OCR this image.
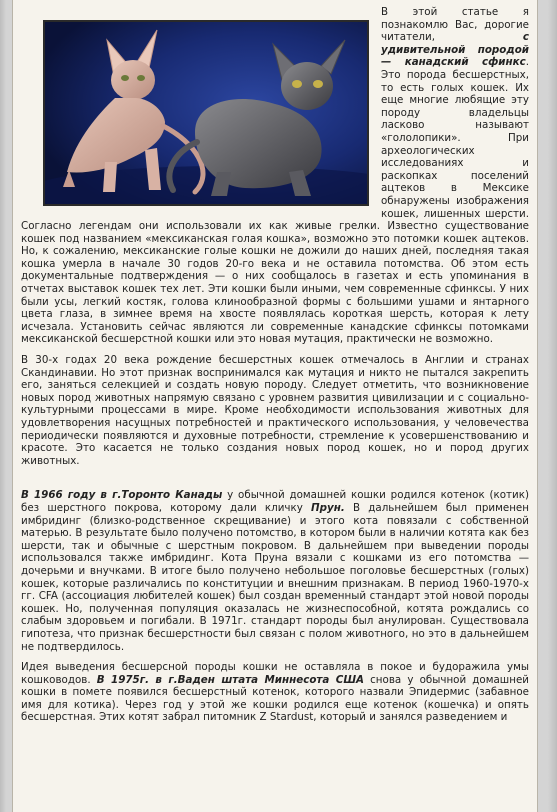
В этой статье я познакомлю Вас, дорогие читатели, с удивительной породой — канадский сфинкс. Это порода бесшерстных, то есть голых кошек. Их еще многие любящие эту породу владельцы ласково называют «гололопики». При археологических исследованиях и раскопках поселений ацтеков в Мексике обнаружены изображения кошек, лишенных шерсти. Согласно легендам они использовали их как живые грелки. Известно существование кошек под названием «мексиканская голая кошка», возможно это потомки кошек ацтеков. Но, к сожалению, мексиканские голые кошки не дожили до наших дней, последняя такая кошка умерла в начале 30 годов 20-го века и не оставила потомства. Об этом есть документальные подтверждения — о них сообщалось в газетах и есть упоминания в отчетах выставок кошек тех лет. Эти кошки были иными, чем современные сфинксы. У них были усы, легкий костяк, голова клинообразной формы с большими ушами и янтарного цвета глаза, в зимнее время на хвосте появлялась короткая шерсть, которая к лету исчезала. Установить сейчас являются ли современные канадские сфинксы потомками мексиканской бесшерстной кошки или это новая мутация, практически не возможно.

В 30-х годах 20 века рождение бесшерстных кошек отмечалось в Англии и странах Скандинавии. Но этот признак воспринимался как мутация и никто не пытался закрепить его, заняться селекцией и создать новую породу. Следует отметить, что возникновение новых пород животных напрямую связано с уровнем развития цивилизации и с социально-культурными процессами в мире. Кроме необходимости использования животных для удовлетворения насущных потребностей и практического использования, у человечества периодически появляются и духовные потребности, стремление к усовершенствованию и красоте. Это касается не только создания новых пород кошек, но и пород других животных.

В 1966 году в г.Торонто Канады у обычной домашней кошки родился котенок (котик) без шерстного покрова, которому дали кличку Прун. В дальнейшем был применен имбридинг (близко-родственное скрещивание) и этого кота повязали с собственной матерью. В результате было получено потомство, в котором были в наличии котята как без шерсти, так и обычные с шерстным покровом. В дальнейшем при выведении породы использовался также имбридинг. Кота Пруна вязали с кошками из его потомства — дочерьми и внучками. В итоге было получено небольшое поголовье бесшерстных (голых) кошек, которые различались по конституции и внешним признакам. В период 1960-1970-х гг. CFA (ассоциация любителей кошек) был создан временный стандарт этой новой породы кошек. Но, полученная популяция оказалась не жизнеспособной, котята рождались со слабым здоровьем и погибали. В 1971г. стандарт породы был анулирован. Существовала гипотеза, что признак бесшерстности был связан с полом животного, но это в дальнейшем не подтвердилось.

Идея выведения бесшерсной породы кошки не оставляла в покое и будоражила умы кошководов. В 1975г. в г.Ваден штата Миннесота США снова у обычной домашней кошки в помете появился бесшерстный котенок, которого назвали Эпидермис (забавное имя для котика). Через год у этой же кошки родился еще котенок (кошечка) и опять бесшерстная. Этих котят забрал питомник Z Stardust, который и занялся разведением и
